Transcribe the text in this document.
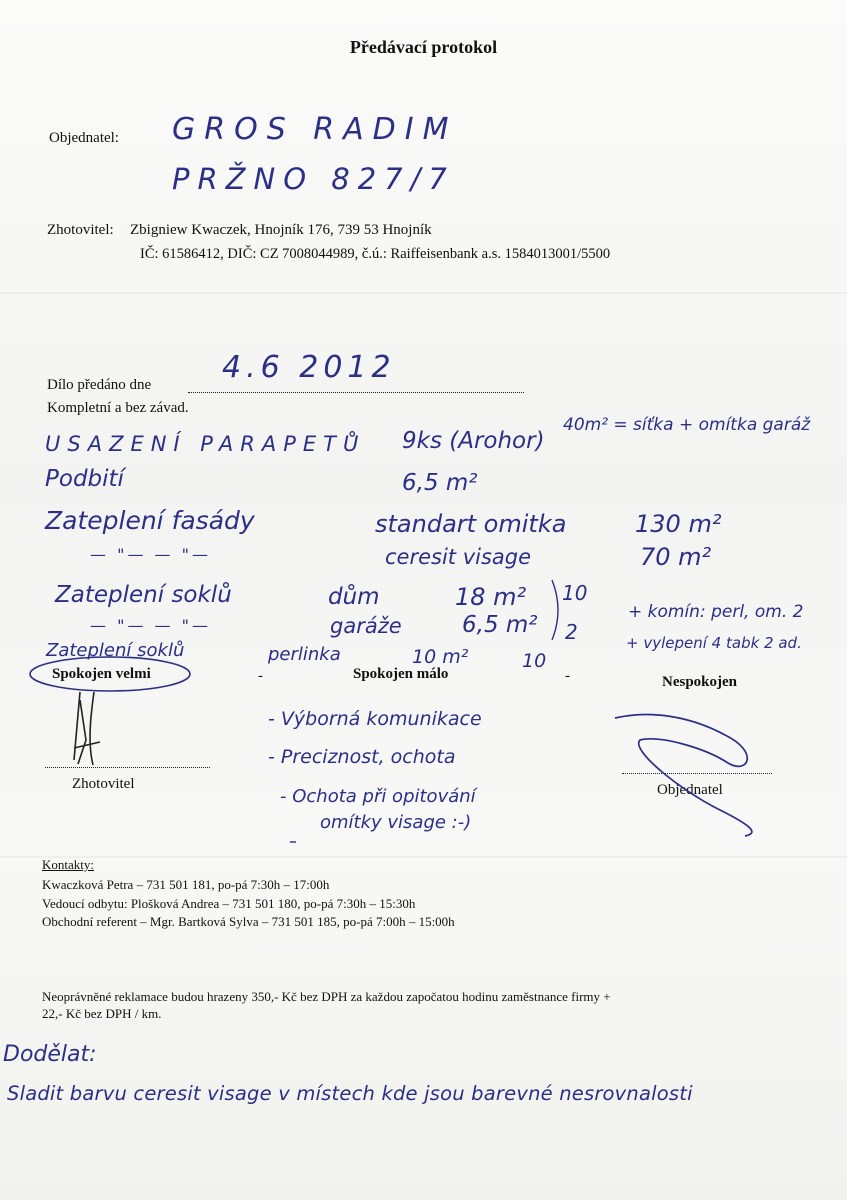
Předávací protokol
Objednatel: GROS RADIM
PRŽNO 827/7
Zhotovitel: Zbigniew Kwaczek, Hnojník 176, 739 53 Hnojník
IČ: 61586412, DIČ: CZ 7008044989, č.ú.: Raiffeisenbank a.s. 1584013001/5500
Dílo předáno dne 4.6 2012
Kompletní a bez závad.
USAZENÍ PARAPETŮ 9ks (Arohor)
Podbití	6,5 m²
Zateplení fasády	standart omitka	130 m²
— "— — "—	ceresit visage	70 m²
Zateplení soklů	dům	18 m² 10
— "— — "—	garáže	6,5 m² 2
Zateplení soklů	perlinka	10 m²	10
40m² = síťka + omítka garáž
+ komín: perl, om. 2
+ vylepení 4 tabk 2 ad.
Spokojen velmi	-	Spokojen málo	-	Nespokojen
- Výborná komunikace
- Preciznost, ochota
- Ochota při opitování
omítky visage :-)
Zhotovitel	Objednatel
Kontakty:
Kwaczková Petra – 731 501 181, po-pá 7:30h – 17:00h
Vedoucí odbytu: Plošková Andrea – 731 501 180, po-pá 7:30h – 15:30h
Obchodní referent – Mgr. Bartková Sylva – 731 501 185, po-pá 7:00h – 15:00h
Neoprávněné reklamace budou hrazeny 350,- Kč bez DPH za každou započatou hodinu zaměstnance firmy +
22,- Kč bez DPH / km.
Dodělat:
Sladit barvu ceresit visage v místech kde jsou barevné nesrovnalosti
